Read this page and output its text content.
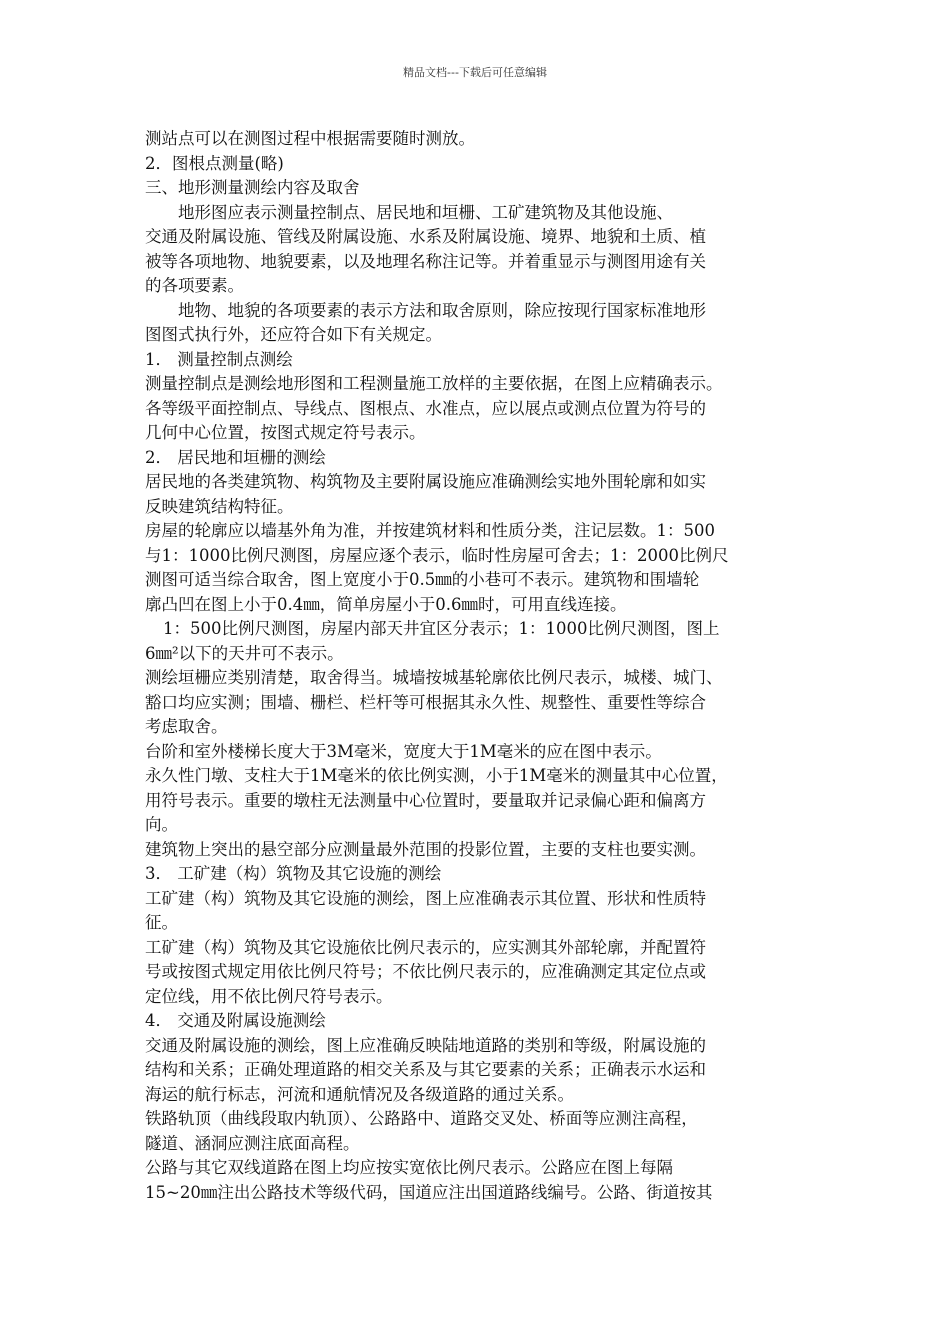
精品文档---下载后可任意编辑
测站点可以在测图过程中根据需要随时测放。
2．图根点测量(略)
三、地形测量测绘内容及取舍
地形图应表示测量控制点、居民地和垣栅、工矿建筑物及其他设施、
交通及附属设施、管线及附属设施、水系及附属设施、境界、地貌和土质、植
被等各项地物、地貌要素，以及地理名称注记等。并着重显示与测图用途有关
的各项要素。
地物、地貌的各项要素的表示方法和取舍原则，除应按现行国家标准地形
图图式执行外，还应符合如下有关规定。
1． 测量控制点测绘
测量控制点是测绘地形图和工程测量施工放样的主要依据，在图上应精确表示。
各等级平面控制点、导线点、图根点、水准点，应以展点或测点位置为符号的
几何中心位置，按图式规定符号表示。
2． 居民地和垣栅的测绘
居民地的各类建筑物、构筑物及主要附属设施应准确测绘实地外围轮廓和如实
反映建筑结构特征。
房屋的轮廓应以墙基外角为准，并按建筑材料和性质分类，注记层数。1：500
与1：1000比例尺测图，房屋应逐个表示，临时性房屋可舍去；1：2000比例尺
测图可适当综合取舍，图上宽度小于0.5㎜的小巷可不表示。建筑物和围墙轮
廓凸凹在图上小于0.4㎜，简单房屋小于0.6㎜时，可用直线连接。
1：500比例尺测图，房屋内部天井宜区分表示；1：1000比例尺测图，图上
6㎜²以下的天井可不表示。
测绘垣栅应类别清楚，取舍得当。城墙按城基轮廓依比例尺表示，城楼、城门、
豁口均应实测；围墙、栅栏、栏杆等可根据其永久性、规整性、重要性等综合
考虑取舍。
台阶和室外楼梯长度大于3M毫米，宽度大于1M毫米的应在图中表示。
永久性门墩、支柱大于1M毫米的依比例实测，小于1M毫米的测量其中心位置，
用符号表示。重要的墩柱无法测量中心位置时，要量取并记录偏心距和偏离方
向。
建筑物上突出的悬空部分应测量最外范围的投影位置，主要的支柱也要实测。
3． 工矿建（构）筑物及其它设施的测绘
工矿建（构）筑物及其它设施的测绘，图上应准确表示其位置、形状和性质特
征。
工矿建（构）筑物及其它设施依比例尺表示的，应实测其外部轮廓，并配置符
号或按图式规定用依比例尺符号；不依比例尺表示的，应准确测定其定位点或
定位线，用不依比例尺符号表示。
4． 交通及附属设施测绘
交通及附属设施的测绘，图上应准确反映陆地道路的类别和等级，附属设施的
结构和关系；正确处理道路的相交关系及与其它要素的关系；正确表示水运和
海运的航行标志，河流和通航情况及各级道路的通过关系。
铁路轨顶（曲线段取内轨顶）、公路路中、道路交叉处、桥面等应测注高程，
隧道、涵洞应测注底面高程。
公路与其它双线道路在图上均应按实宽依比例尺表示。公路应在图上每隔
15~20㎜注出公路技术等级代码，国道应注出国道路线编号。公路、街道按其
